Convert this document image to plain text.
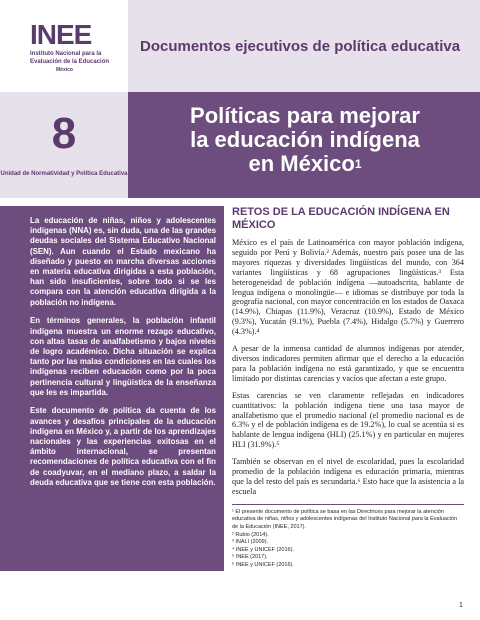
INEE
Instituto Nacional para la Evaluación de la Educación
México
Documentos ejecutivos de política educativa
8
Unidad de Normatividad y Política Educativa
Políticas para mejorar
la educación indígena
en México$^1$

La educación de niñas, niños y adolescentes indígenas (NNA) es, sin duda, una de las grandes deudas sociales del Sistema Educativo Nacional (SEN). Aun cuando el Estado mexicano ha diseñado y puesto en marcha diversas acciones en materia educativa dirigidas a esta población, han sido insuficientes, sobre todo si se les compara con la atención educativa dirigida a la población no indígena.

En términos generales, la población infantil indígena muestra un enorme rezago educativo, con altas tasas de analfabetismo y bajos niveles de logro académico. Dicha situación se explica tanto por las malas condiciones en las cuales los indígenas reciben educación como por la poca pertinencia cultural y lingüística de la enseñanza que les es impartida.

Este documento de política da cuenta de los avances y desafíos principales de la educación indígena en México y, a partir de los aprendizajes nacionales y las experiencias exitosas en el ámbito internacional, se presentan recomendaciones de política educativa con el fin de coadyuvar, en el mediano plazo, a saldar la deuda educativa que se tiene con esta población.

RETOS DE LA EDUCACIÓN INDÍGENA EN MÉXICO

México es el país de Latinoamérica con mayor población indígena, seguido por Perú y Bolivia.² Además, nuestro país posee una de las mayores riquezas y diversidades lingüísticas del mundo, con 364 variantes lingüísticas y 68 agrupaciones lingüísticas.³ Esta heterogeneidad de población indígena —autoadscrita, hablante de lengua indígena o monolingüe— e idiomas se distribuye por toda la geografía nacional, con mayor concentración en los estados de Oaxaca (14.9%), Chiapas (11.9%), Veracruz (10.9%), Estado de México (9.3%), Yucatán (9.1%), Puebla (7.4%), Hidalgo (5.7%) y Guerrero (4.3%).⁴

A pesar de la inmensa cantidad de alumnos indígenas por atender, diversos indicadores permiten afirmar que el derecho a la educación para la población indígena no está garantizado, y que se encuentra limitado por distintas carencias y vacíos que afectan a este grupo.

Estas carencias se ven claramente reflejadas en indicadores cuantitativos: la población indígena tiene una tasa mayor de analfabetismo que el promedio nacional (el promedio nacional es de 6.3% y el de población indígena es de 19.2%), lo cual se acentúa si es hablante de lengua indígena (HLI) (25.1%) y en particular en mujeres HLI (31.9%).⁵

También se observan en el nivel de escolaridad, pues la escolaridad promedio de la población indígena es educación primaria, mientras que la del resto del país es secundaria.⁶ Esto hace que la asistencia a la escuela

¹ El presente documento de política se basa en las Directrices para mejorar la atención educativa de niñas, niños y adolescentes indígenas del Instituto Nacional para la Evaluación de la Educación (INEE, 2017).
² Rubio (2014).
³ INALI (2009).
⁴ INEE y UNICEF (2016).
⁵ INEE (2017).
⁶ INEE y UNICEF (2016).
1
